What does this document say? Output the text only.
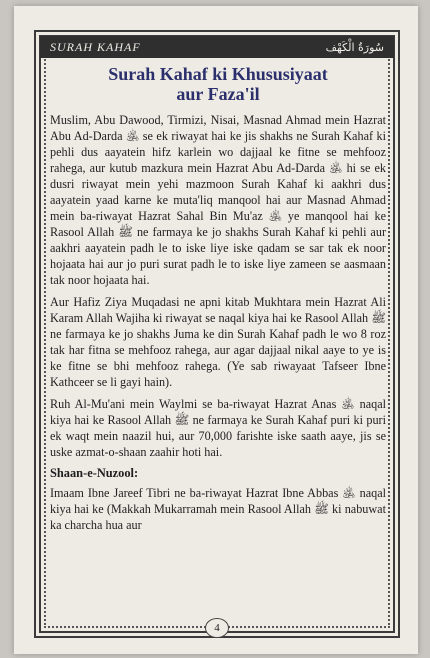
SURAH KAHAF	سُورَةُ الْكَهْف
Surah Kahaf ki Khususiyaat
aur Faza'il

Muslim, Abu Dawood, Tirmizi, Nisai, Masnad Ahmad mein Hazrat Abu Ad-Darda ﵁ se ek riwayat hai ke jis shakhs ne Surah Kahaf ki pehli dus aayatein hifz karlein wo dajjaal ke fitne se mehfooz rahega, aur kutub mazkura mein Hazrat Abu Ad-Darda ﵁ hi se ek dusri riwayat mein yehi mazmoon Surah Kahaf ki aakhri dus aayatein yaad karne ke muta'liq manqool hai aur Masnad Ahmad mein ba-riwayat Hazrat Sahal Bin Mu'az ﵁ ye manqool hai ke Rasool Allah ﷺ ne farmaya ke jo shakhs Surah Kahaf ki pehli aur aakhri aayatein padh le to iske liye iske qadam se sar tak ek noor hojaata hai aur jo puri surat padh le to iske liye zameen se aasmaan tak noor hojaata hai.

Aur Hafiz Ziya Muqadasi ne apni kitab Mukhtara mein Hazrat Ali Karam Allah Wajiha ki riwayat se naqal kiya hai ke Rasool Allah ﷺ ne farmaya ke jo shakhs Juma ke din Surah Kahaf padh le wo 8 roz tak har fitna se mehfooz rahega, aur agar dajjaal nikal aaye to ye is ke fitne se bhi mehfooz rahega. (Ye sab riwayaat Tafseer Ibne Kathceer se li gayi hain).

Ruh Al-Mu'ani mein Waylmi se ba-riwayat Hazrat Anas ﵁ naqal kiya hai ke Rasool Allah ﷺ ne farmaya ke Surah Kahaf puri ki puri ek waqt mein naazil hui, aur 70,000 farishte iske saath aaye, jis se uske azmat-o-shaan zaahir hoti hai.

Shaan-e-Nuzool:

Imaam Ibne Jareef Tibri ne ba-riwayat Hazrat Ibne Abbas ﵁ naqal kiya hai ke (Makkah Mukarramah mein Rasool Allah ﷺ ki nabuwat ka charcha hua aur

4
